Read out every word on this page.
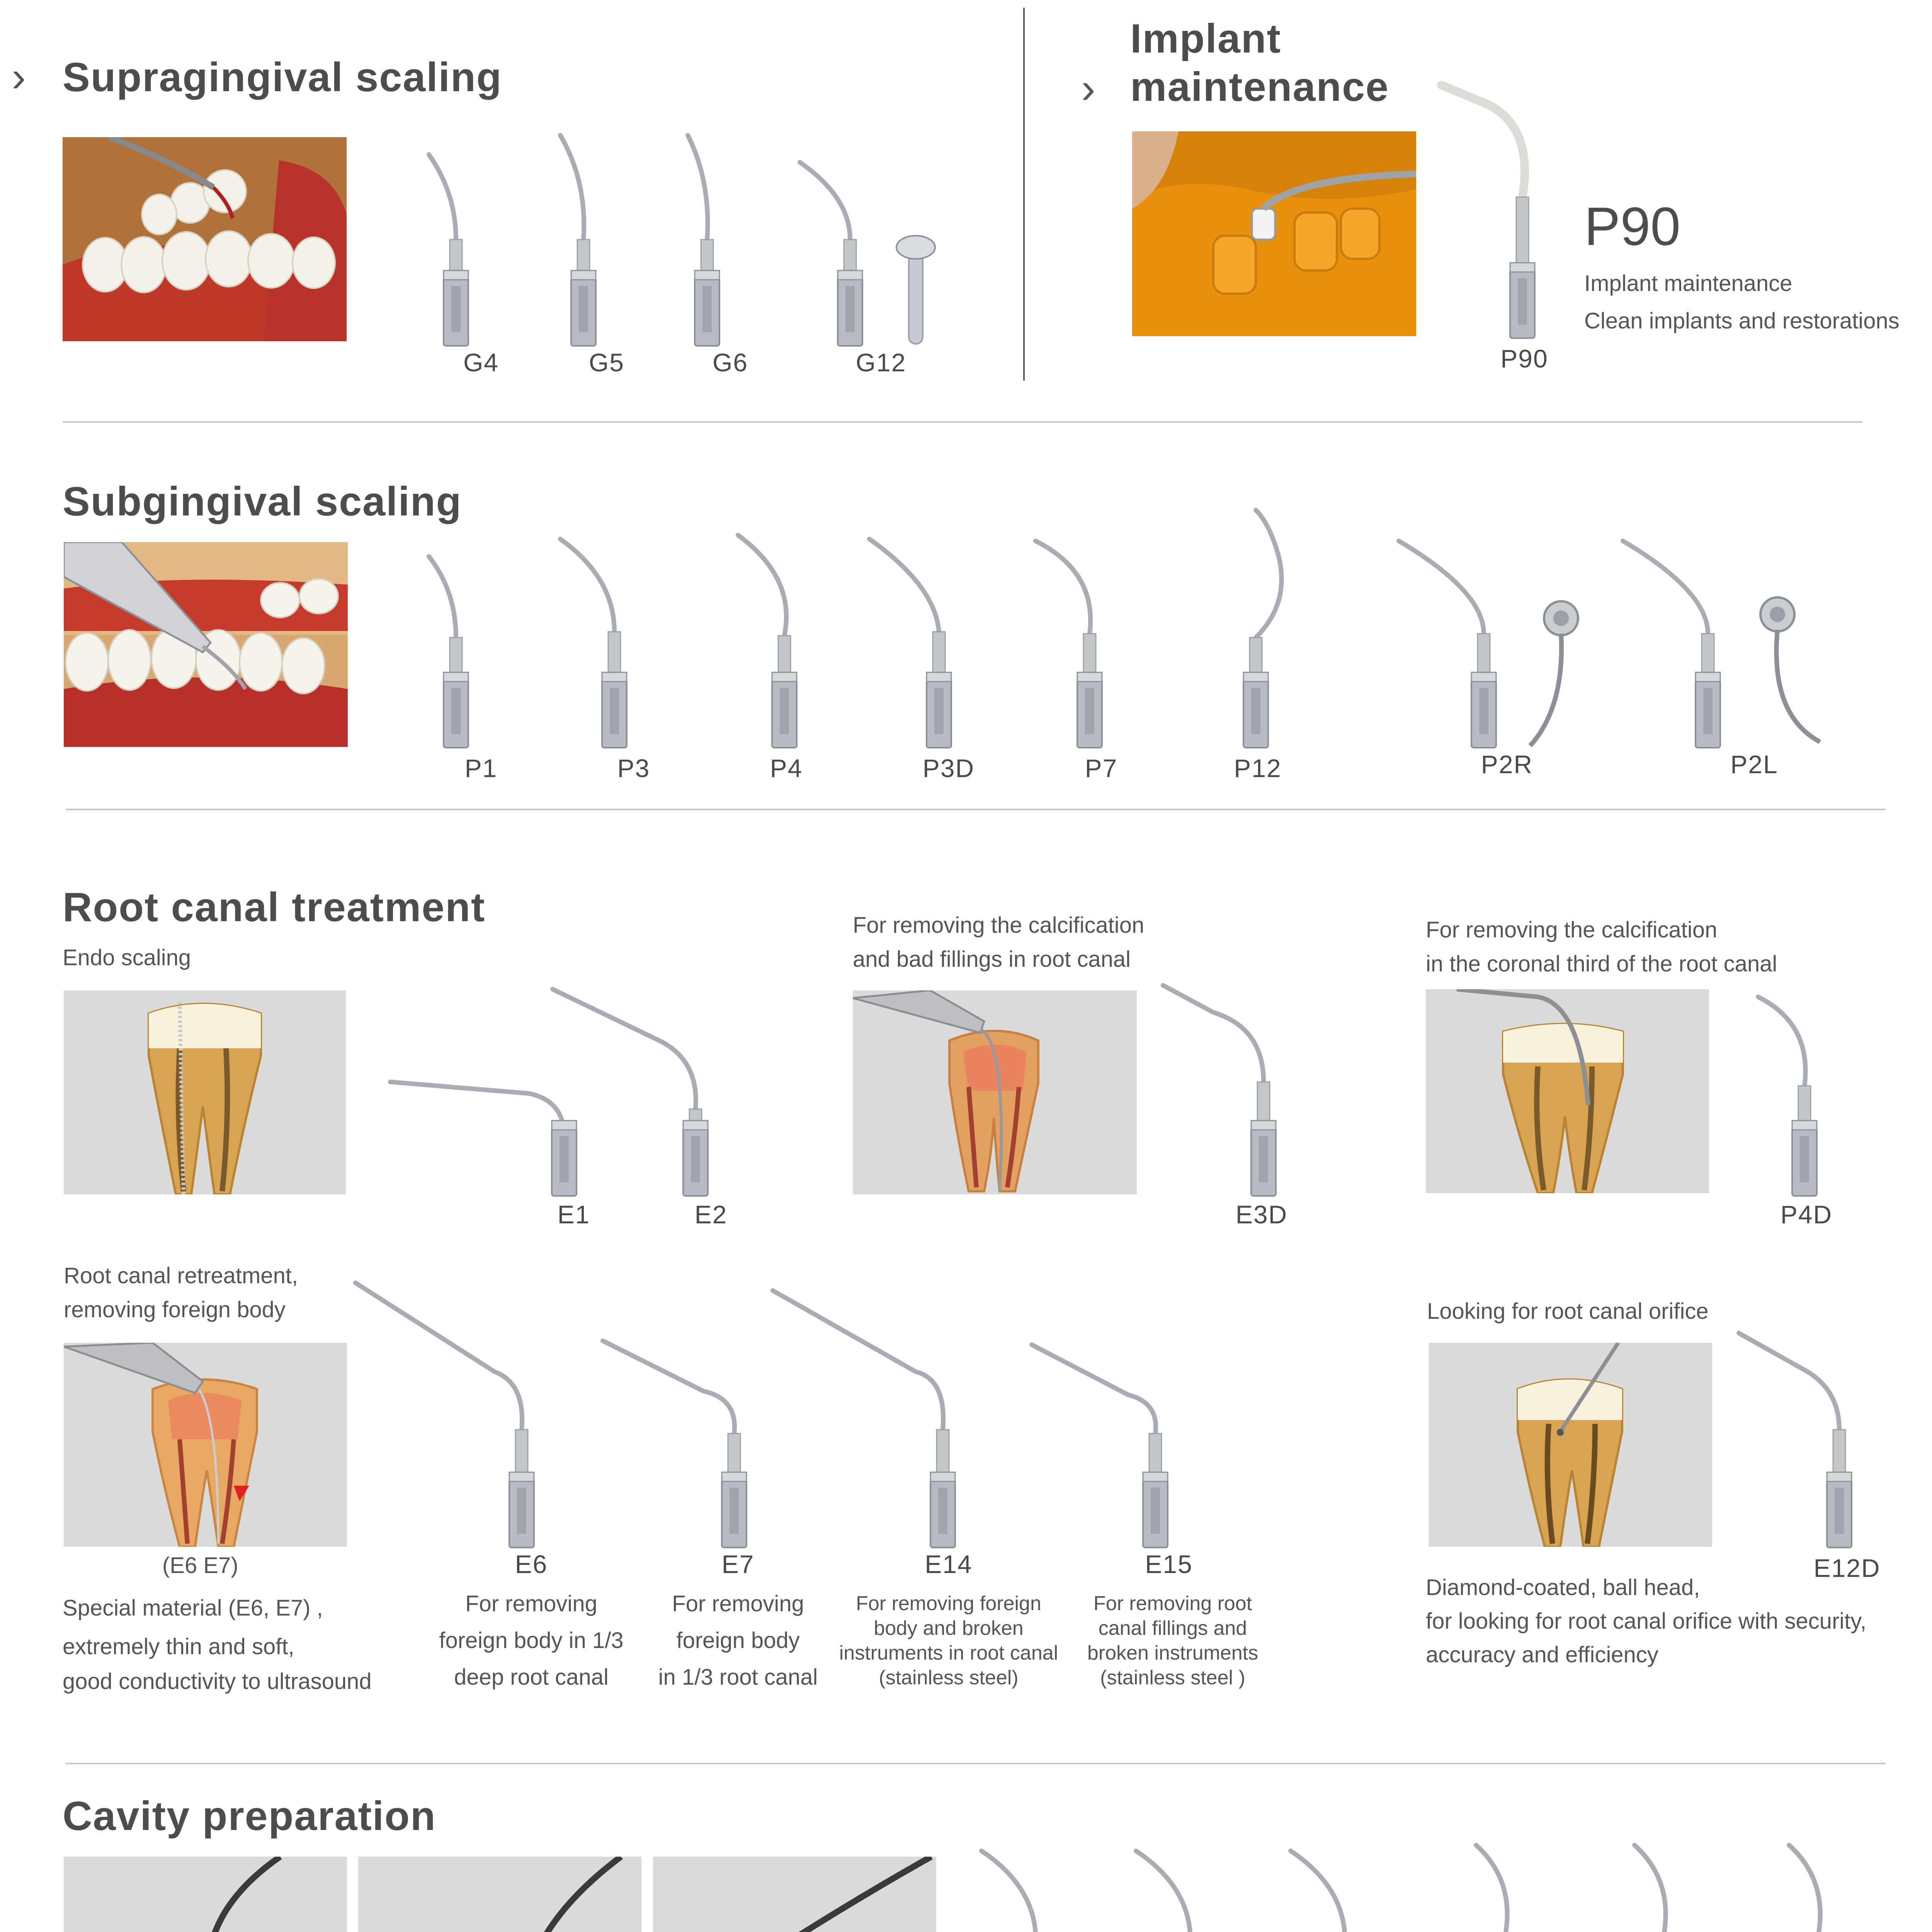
› Supragingival scaling
G4	G5	G6	G12
Implant
› maintenance
P90
P90
Implant maintenance
Clean implants and restorations
Subgingival scaling
P1	P3	P4	P3D	P7	P12	P2R	P2L
Root canal treatment
Endo scaling
E1	E2
For removing the calcification
and bad fillings in root canal
E3D
For removing the calcification
in the coronal third of the root canal
P4D
Root canal retreatment,
removing foreign body
(E6 E7)
Special material (E6, E7) ,
extremely thin and soft,
good conductivity to ultrasound
E6
For removing
foreign body in 1/3
deep root canal
E7
For removing
foreign body
in 1/3 root canal
E14
For removing foreign
body and broken
instruments in root canal
(stainless steel)
E15
For removing root
canal fillings and
broken instruments
(stainless steel )
Looking for root canal orifice
E12D
Diamond-coated, ball head,
for looking for root canal orifice with security,
accuracy and efficiency
Cavity preparation
